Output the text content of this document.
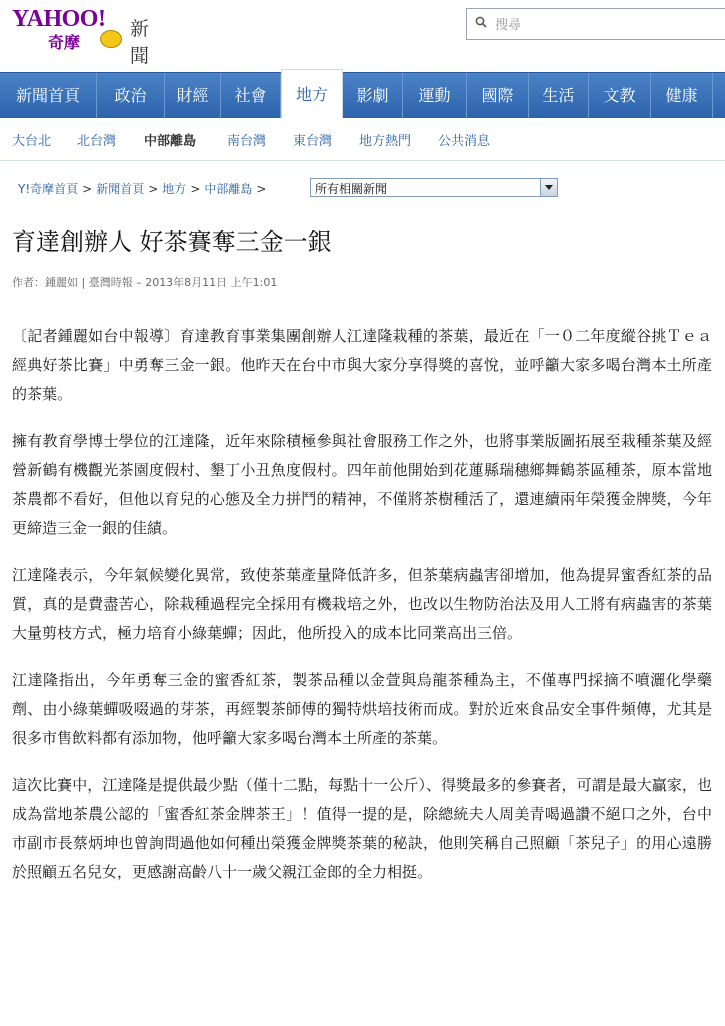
YAHOO!
奇摩
新聞
搜尋
新聞首頁	政治	財經	社會	地方	影劇	運動	國際	生活	文教	健康
大台北 北台灣 中部離島 南台灣 東台灣 地方熱門 公共消息
Y!奇摩首頁 > 新聞首頁 > 地方 > 中部離島 >	所有相關新聞
育達創辦人 好茶賽奪三金一銀
作者：鍾麗如 | 臺灣時報 – 2013年8月11日 上午1:01

〔記者鍾麗如台中報導〕育達教育事業集團創辦人江達隆栽種的茶葉，最近在「一０二年度縱谷挑Ｔｅａ經典好茶比賽」中勇奪三金一銀。他昨天在台中市與大家分享得獎的喜悅，並呼籲大家多喝台灣本土所產的茶葉。

擁有教育學博士學位的江達隆，近年來除積極參與社會服務工作之外，也將事業版圖拓展至栽種茶葉及經營新鶴有機觀光茶園度假村、墾丁小丑魚度假村。四年前他開始到花蓮縣瑞穗鄉舞鶴茶區種茶，原本當地茶農都不看好，但他以育兒的心態及全力拼鬥的精神，不僅將茶樹種活了，還連續兩年榮獲金牌獎，今年更締造三金一銀的佳績。

江達隆表示，今年氣候變化異常，致使茶葉產量降低許多，但茶葉病蟲害卻增加，他為提昇蜜香紅茶的品質，真的是費盡苦心，除栽種過程完全採用有機栽培之外，也改以生物防治法及用人工將有病蟲害的茶葉大量剪枝方式，極力培育小綠葉蟬；因此，他所投入的成本比同業高出三倍。

江達隆指出，今年勇奪三金的蜜香紅茶，製茶品種以金萱與烏龍茶種為主，不僅專門採摘不噴灑化學藥劑、由小綠葉蟬吸啜過的芽茶，再經製茶師傅的獨特烘培技術而成。對於近來食品安全事件頻傳，尤其是很多市售飲料都有添加物，他呼籲大家多喝台灣本土所產的茶葉。

這次比賽中，江達隆是提供最少點（僅十二點，每點十一公斤）、得獎最多的參賽者，可謂是最大贏家，也成為當地茶農公認的「蜜香紅茶金牌茶王」！值得一提的是，除總統夫人周美青喝過讚不絕口之外，台中市副市長蔡炳坤也曾詢問過他如何種出榮獲金牌獎茶葉的秘訣，他則笑稱自己照顧「茶兒子」的用心遠勝於照顧五名兒女，更感謝高齡八十一歲父親江金郎的全力相挺。
